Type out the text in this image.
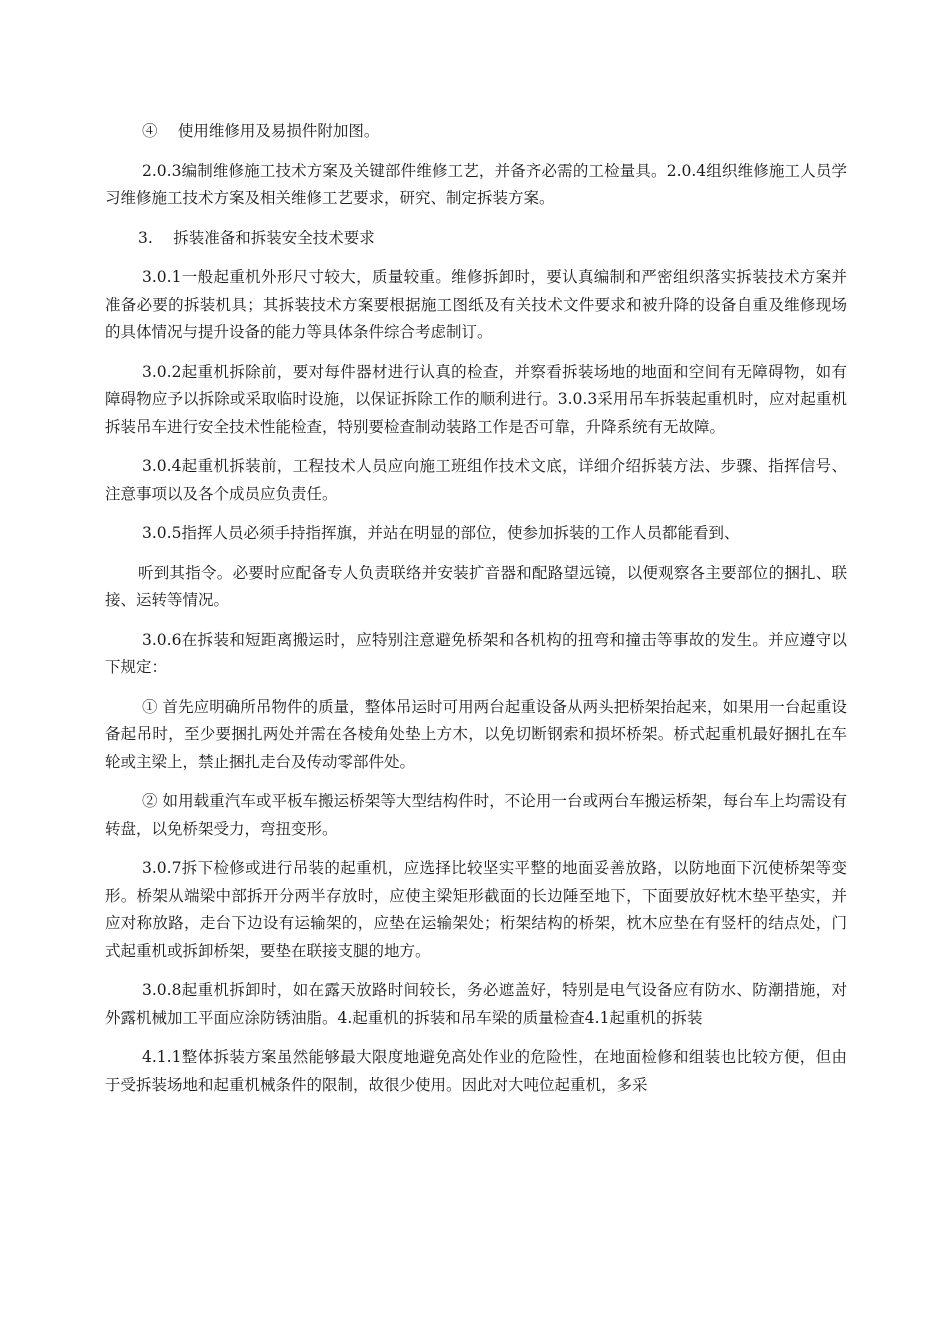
④　 使用维修用及易损件附加图。

2.0.3编制维修施工技术方案及关键部件维修工艺，并备齐必需的工检量具。2.0.4组织维修施工人员学习维修施工技术方案及相关维修工艺要求，研究、制定拆装方案。

3.　 拆装准备和拆装安全技术要求

3.0.1一般起重机外形尺寸较大，质量较重。维修拆卸时，要认真编制和严密组织落实拆装技术方案并准备必要的拆装机具；其拆装技术方案要根据施工图纸及有关技术文件要求和被升降的设备自重及维修现场的具体情况与提升设备的能力等具体条件综合考虑制订。

3.0.2起重机拆除前，要对每件器材进行认真的检查，并察看拆装场地的地面和空间有无障碍物，如有障碍物应予以拆除或采取临时设施，以保证拆除工作的顺利进行。3.0.3采用吊车拆装起重机时，应对起重机拆装吊车进行安全技术性能检查，特别要检查制动装路工作是否可靠，升降系统有无故障。

3.0.4起重机拆装前，工程技术人员应向施工班组作技术文底，详细介绍拆装方法、步骤、指挥信号、注意事项以及各个成员应负责任。

3.0.5指挥人员必须手持指挥旗，并站在明显的部位，使参加拆装的工作人员都能看到、

听到其指令。必要时应配备专人负责联络并安装扩音器和配路望远镜，以便观察各主要部位的捆扎、联接、运转等情况。

3.0.6在拆装和短距离搬运时，应特别注意避免桥架和各机构的扭弯和撞击等事故的发生。并应遵守以下规定：

① 首先应明确所吊物件的质量，整体吊运时可用两台起重设备从两头把桥架抬起来，如果用一台起重设备起吊时，至少要捆扎两处并需在各棱角处垫上方木，以免切断钢索和损坏桥架。桥式起重机最好捆扎在车轮或主梁上，禁止捆扎走台及传动零部件处。

② 如用载重汽车或平板车搬运桥架等大型结构件时，不论用一台或两台车搬运桥架，每台车上均需设有转盘，以免桥架受力，弯扭变形。

3.0.7拆下检修或进行吊装的起重机，应选择比较坚实平整的地面妥善放路，以防地面下沉使桥架等变形。桥架从端梁中部拆开分两半存放时，应使主梁矩形截面的长边陲至地下，下面要放好枕木垫平垫实，并应对称放路，走台下边设有运输架的，应垫在运输架处；桁架结构的桥架，枕木应垫在有竖杆的结点处，门式起重机或拆卸桥架，要垫在联接支腿的地方。

3.0.8起重机拆卸时，如在露天放路时间较长，务必遮盖好，特别是电气设备应有防水、防潮措施，对外露机械加工平面应涂防锈油脂。4.起重机的拆装和吊车梁的质量检查4.1起重机的拆装

4.1.1整体拆装方案虽然能够最大限度地避免高处作业的危险性，在地面检修和组装也比较方便，但由于受拆装场地和起重机械条件的限制，故很少使用。因此对大吨位起重机，多采
